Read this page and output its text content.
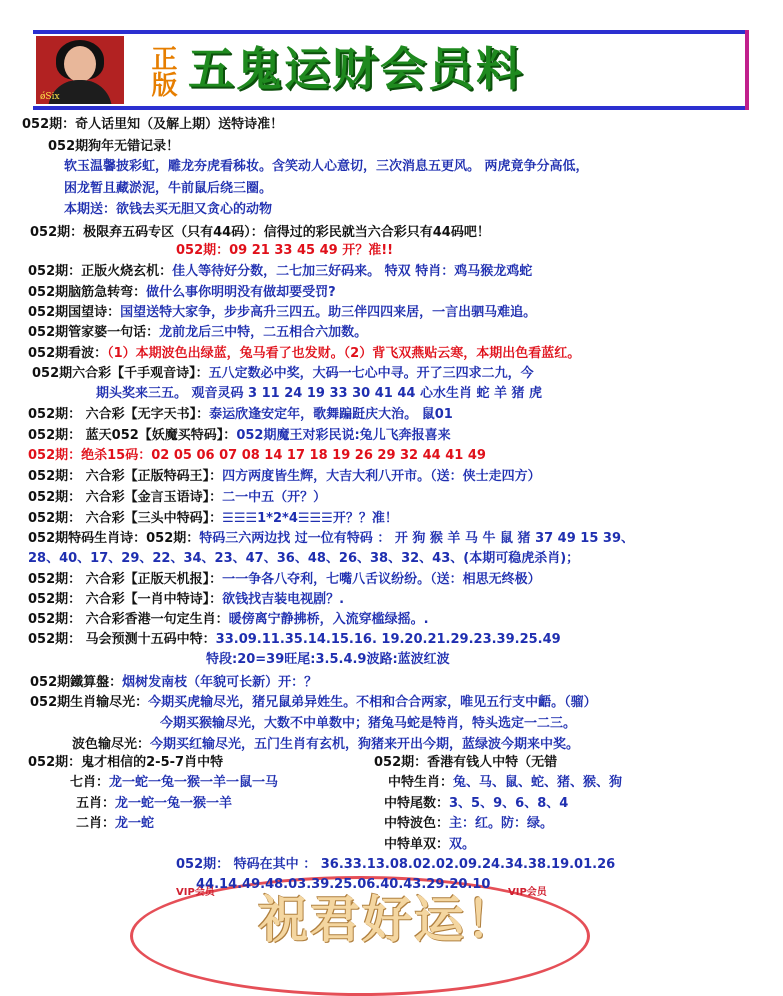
ǿSix	正版 五鬼运财会员料
052期：奇人话里知（及解上期）送特诗准！
052期狗年无错记录！
软玉温馨披彩虹，雕龙夯虎看秭妆。含笑动人心意切，三次消息五更风。 两虎竟争分高低，
困龙暂且藏淤泥，牛前鼠后绕三圈。
本期送：欲钱去买无胆又贪心的动物
052期：极限弃五码专区（只有44码）：信得过的彩民就当六合彩只有44码吧！
052期：09 21 33 45 49 开？准!!
052期：正版火烧玄机：佳人等待好分数，二七加三好码来。 特双 特肖：鸡马猴龙鸡蛇
052期脑筋急转弯：做什么事你明明没有做却要受罚?
052期国望诗：国望送特大家争，步步高升三四五。助三伴四四来居，一言出驷马难追。
052期管家婆一句话：龙前龙后三中特，二五相合六加数。
052期看波：（1）本期波色出绿蓝，兔马看了也发财。（2）背飞双燕贴云寒，本期出色看蓝红。
052期六合彩【千手观音诗】：五八定数必中奖，大码一七心中寻。开了三四求二九，今
期头奖来三五。 观音灵码 3 11 24 19 33 30 41 44 心水生肖 蛇 羊 猪 虎
052期： 六合彩【无字天书】：泰运欣逢安定年，歌舞蹁跹庆大治。 鼠01
052期： 蓝天052【妖魔买特码】：052期魔王对彩民说:兔儿飞奔报喜来
052期：绝杀15码：02 05 06 07 08 14 17 18 19 26 29 32 44 41 49
052期： 六合彩【正版特码王】：四方两度皆生辉，大吉大利八开市。（送：侠士走四方）
052期： 六合彩【金言玉语诗】：二一中五（开？）
052期： 六合彩【三头中特码】：☰☰☰1*2*4☰☰☰开？？准！
052期特码生肖诗：052期：特码三六两边找 过一位有特码 ： 开 狗 猴 羊 马 牛 鼠 猪 37 49 15 39、
28、40、17、29、22、34、23、47、36、48、26、38、32、43、(本期可稳虎杀肖)；
052期： 六合彩【正版天机报】：一一争各八夺利，七嘴八舌议纷纷。（送：相思无终极）
052期： 六合彩【一肖中特诗】：欲钱找吉装电视剧？.
052期： 六合彩香港一句定生肖：暖傍离宁静拂桥，入流穿槛绿摇。.
052期： 马会预测十五码中特：33.09.11.35.14.15.16. 19.20.21.29.23.39.25.49
特段:20=39旺尾:3.5.4.9波路:蓝波红波
052期鐵算盤：烟树发南枝（年貌可长新）开：？
052期生肖输尽光：今期买虎输尽光，猪兄鼠弟异姓生。不相和合合两家，唯见五行支中齬。（骝）
今期买猴输尽光，大数不中单数中；猪兔马蛇是特肖，特头选定一二三。
波色输尽光：今期买红输尽光，五门生肖有玄机，狗猪来开出今期，蓝绿波今期来中奖。
052期：鬼才相信的2-5-7肖中特
七肖：龙一蛇一兔一猴一羊一鼠一马
五肖：龙一蛇一兔一猴一羊
二肖：龙一蛇
052期：香港有钱人中特（无错
中特生肖：兔、马、鼠、蛇、猪、猴、狗
中特尾数：3、5、9、6、8、4
中特波色：主：红。防：绿。
中特单双：双。
VIP会员	VIP会员
052期： 特码在其中 ： 36.33.13.08.02.02.09.24.34.38.19.01.26
44.14.49.48.03.39.25.06.40.43.29.20.10
祝君好运！
